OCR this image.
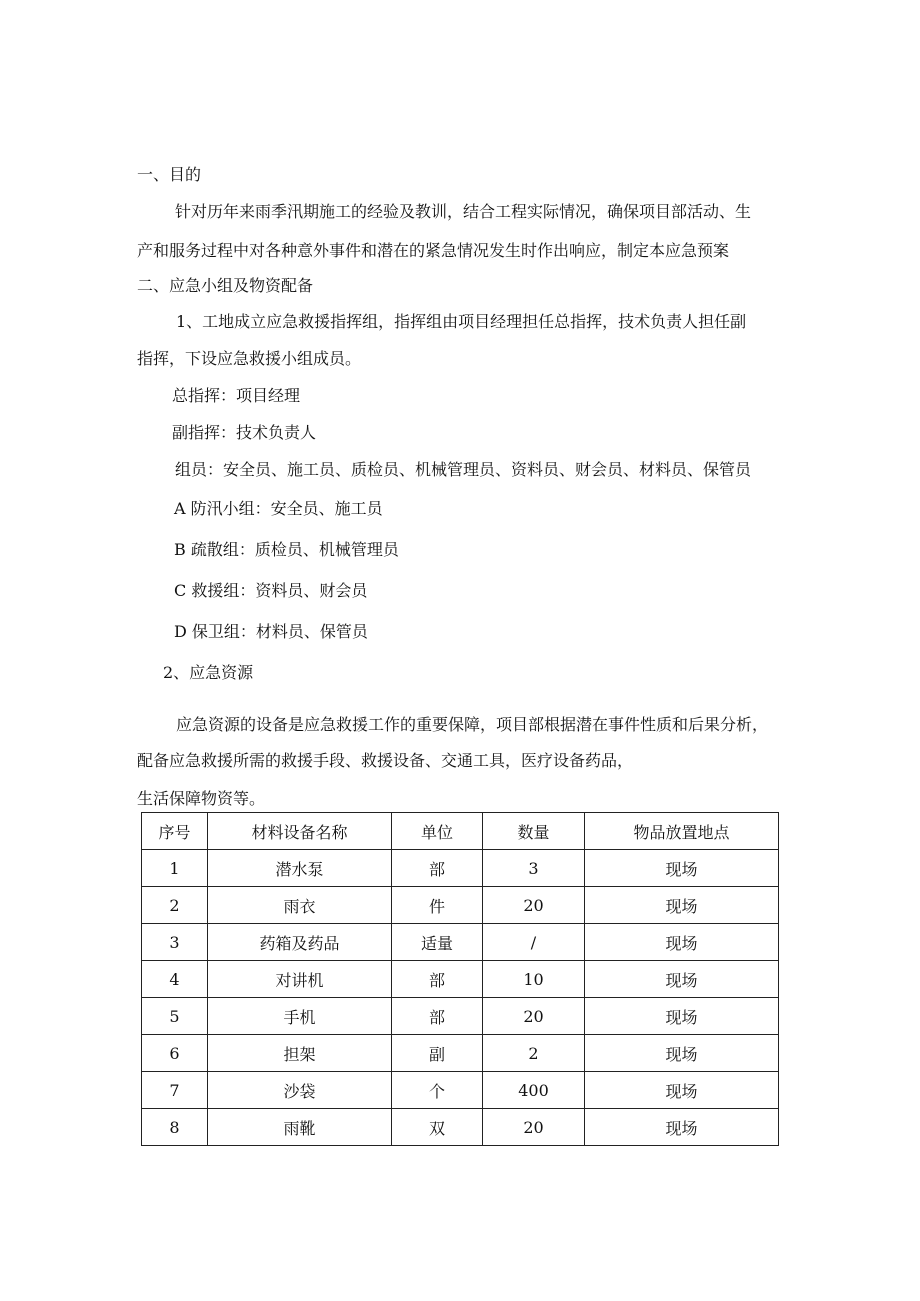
一、目的

针对历年来雨季汛期施工的经验及教训，结合工程实际情况，确保项目部活动、生

产和服务过程中对各种意外事件和潜在的紧急情况发生时作出响应，制定本应急预案

二、应急小组及物资配备

1、工地成立应急救援指挥组，指挥组由项目经理担任总指挥，技术负责人担任副

指挥，下设应急救援小组成员。

总指挥：项目经理

副指挥：技术负责人

组员：安全员、施工员、质检员、机械管理员、资料员、财会员、材料员、保管员

A 防汛小组：安全员、施工员

B 疏散组：质检员、机械管理员

C 救援组：资料员、财会员

D 保卫组：材料员、保管员

2、应急资源

应急资源的设备是应急救援工作的重要保障，项目部根据潜在事件性质和后果分析，

配备应急救援所需的救援手段、救援设备、交通工具，医疗设备药品，

生活保障物资等。

序号	材料设备名称	单位	数量	物品放置地点
1	潜水泵	部	3	现场
2	雨衣	件	20	现场
3	药箱及药品	适量	/	现场
4	对讲机	部	10	现场
5	手机	部	20	现场
6	担架	副	2	现场
7	沙袋	个	400	现场
8	雨靴	双	20	现场
